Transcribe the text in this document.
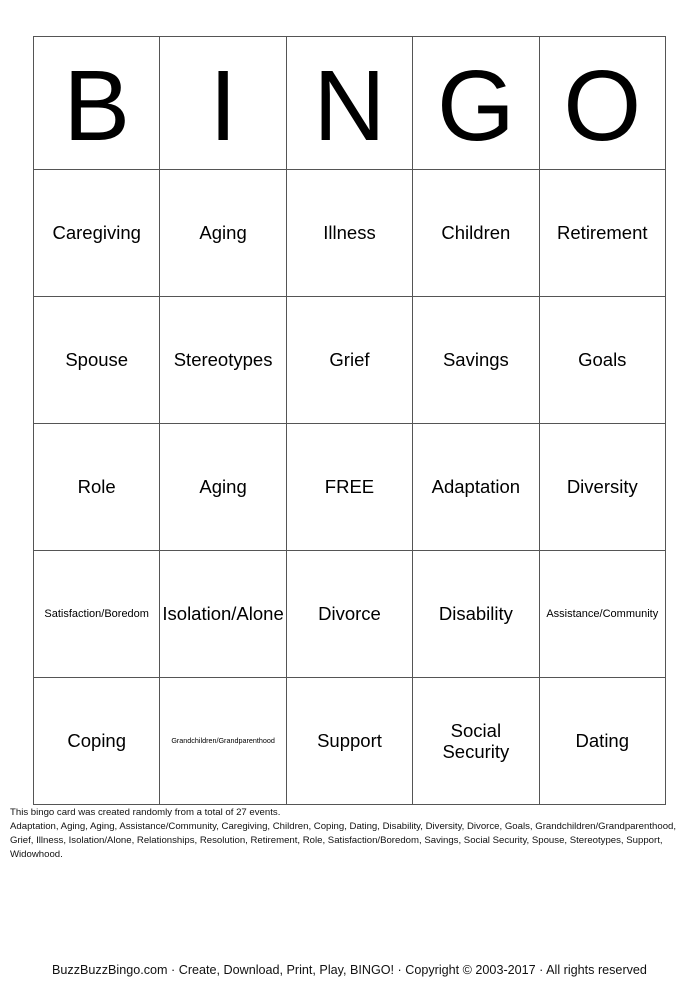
B	I	N	G	O
Caregiving	Aging	Illness	Children	Retirement
Spouse	Stereotypes	Grief	Savings	Goals
Role	Aging	FREE	Adaptation	Diversity
Satisfaction/Boredom	Isolation/Alone	Divorce	Disability	Assistance/Community
Coping	Grandchildren/Grandparenthood	Support	Social Security	Dating
This bingo card was created randomly from a total of 27 events.
Adaptation, Aging, Aging, Assistance/Community, Caregiving, Children, Coping, Dating, Disability, Diversity, Divorce, Goals, Grandchildren/Grandparenthood, Grief, Illness, Isolation/Alone, Relationships, Resolution, Retirement, Role, Satisfaction/Boredom, Savings, Social Security, Spouse, Stereotypes, Support, Widowhood.
BuzzBuzzBingo.com · Create, Download, Print, Play, BINGO! · Copyright © 2003-2017 · All rights reserved
